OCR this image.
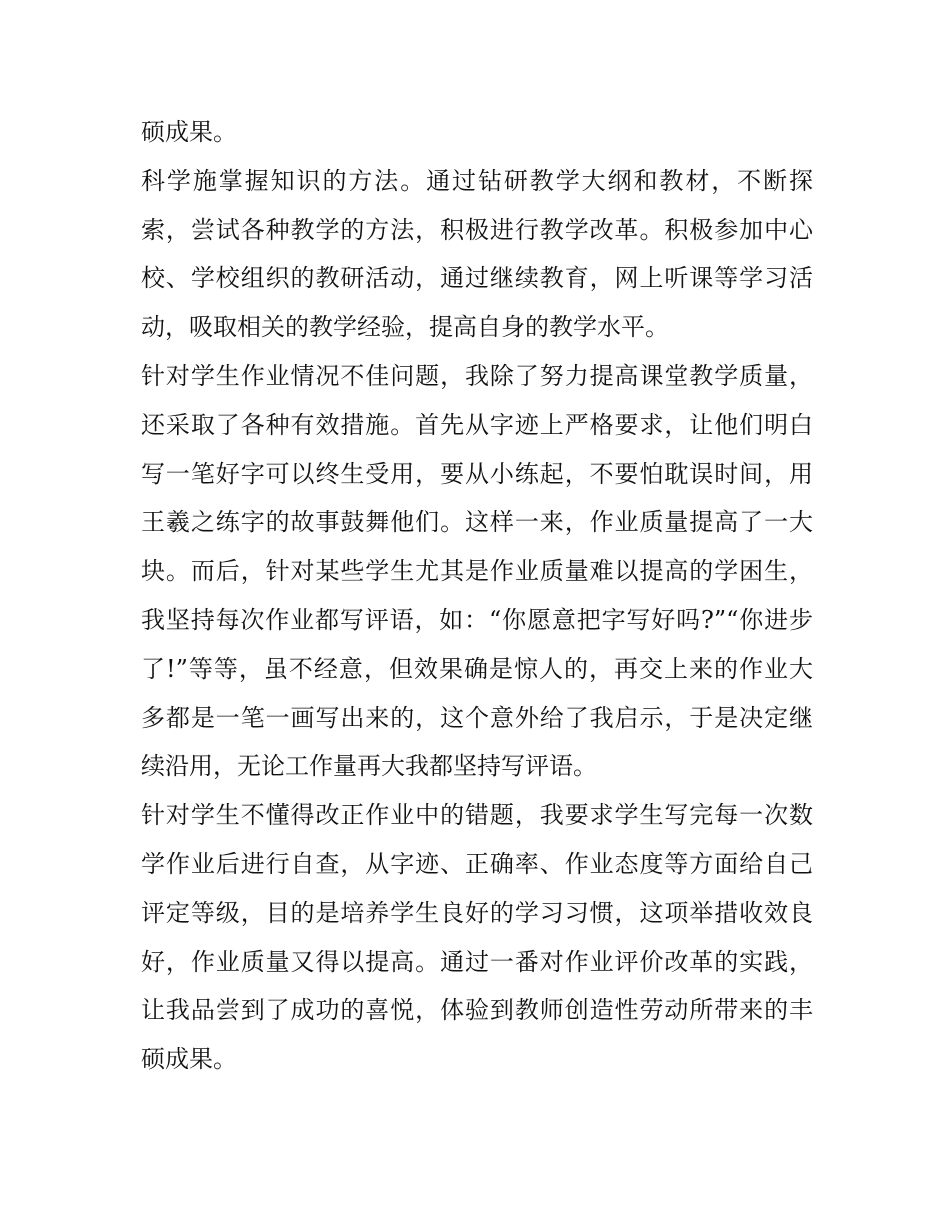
硕成果。
科学施掌握知识的方法。通过钻研教学大纲和教材，不断探
索，尝试各种教学的方法，积极进行教学改革。积极参加中心
校、学校组织的教研活动，通过继续教育，网上听课等学习活
动，吸取相关的教学经验，提高自身的教学水平。
针对学生作业情况不佳问题，我除了努力提高课堂教学质量，
还采取了各种有效措施。首先从字迹上严格要求，让他们明白
写一笔好字可以终生受用，要从小练起，不要怕耽误时间，用
王羲之练字的故事鼓舞他们。这样一来，作业质量提高了一大
块。而后，针对某些学生尤其是作业质量难以提高的学困生，
我坚持每次作业都写评语，如：“你愿意把字写好吗?”“你进步
了!”等等，虽不经意，但效果确是惊人的，再交上来的作业大
多都是一笔一画写出来的，这个意外给了我启示，于是决定继
续沿用，无论工作量再大我都坚持写评语。
针对学生不懂得改正作业中的错题，我要求学生写完每一次数
学作业后进行自查，从字迹、正确率、作业态度等方面给自己
评定等级，目的是培养学生良好的学习习惯，这项举措收效良
好，作业质量又得以提高。通过一番对作业评价改革的实践，
让我品尝到了成功的喜悦，体验到教师创造性劳动所带来的丰
硕成果。
